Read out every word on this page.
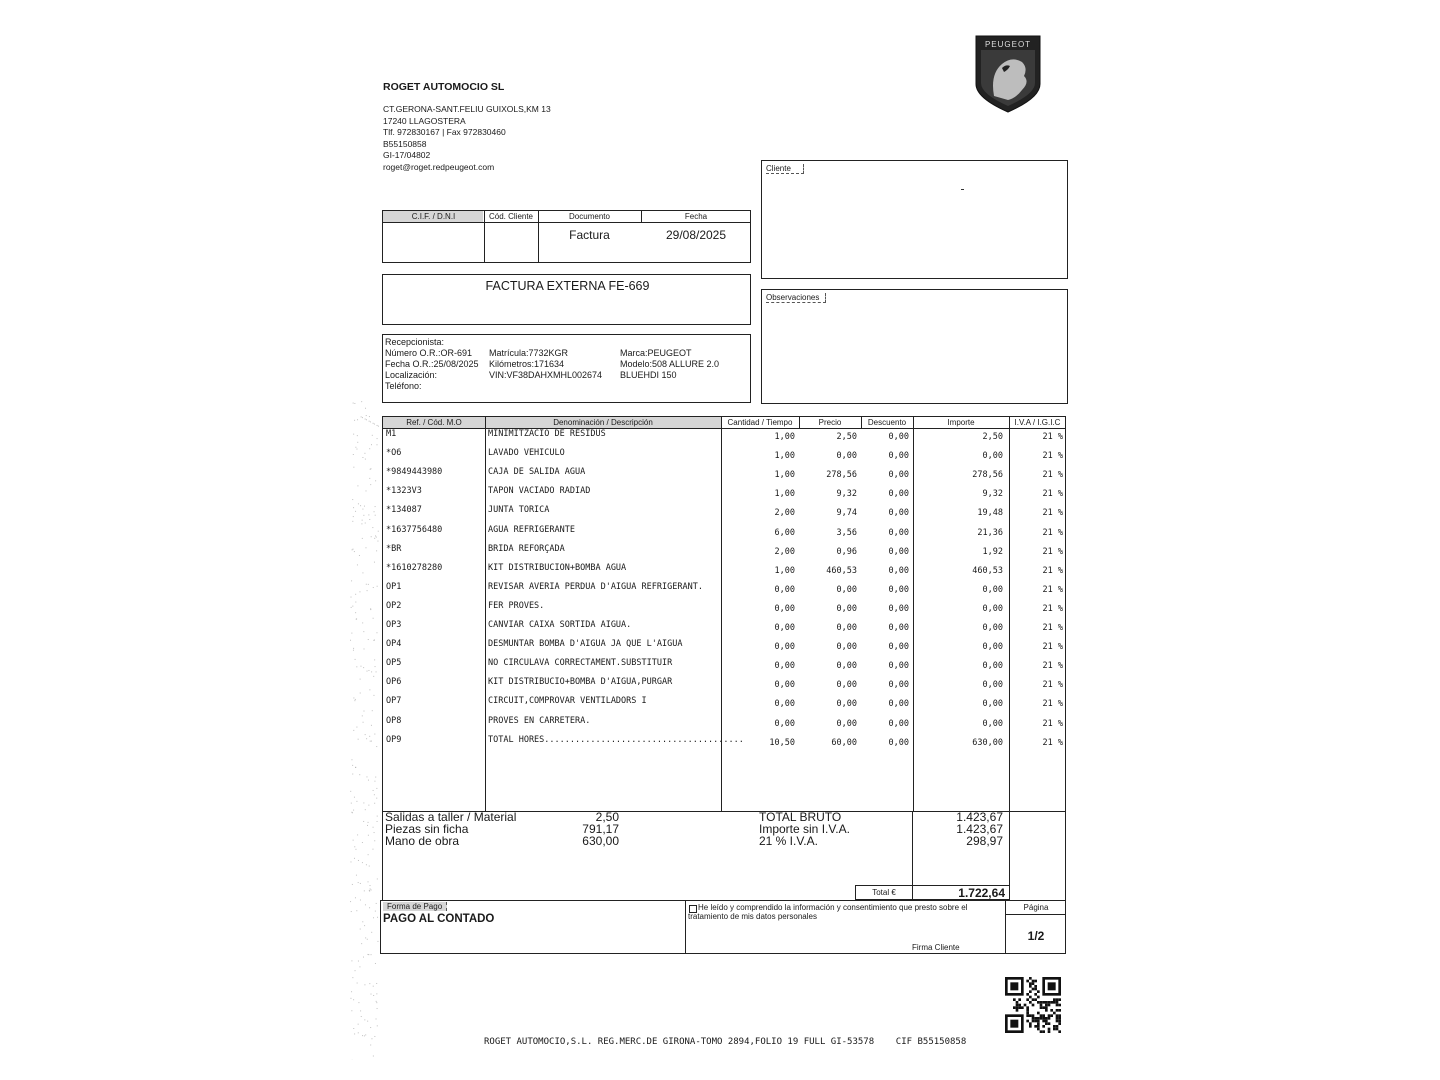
ROGET AUTOMOCIO SL
CT.GERONA-SANT.FELIU GUIXOLS,KM 13
17240 LLAGOSTERA
Tlf. 972830167 | Fax 972830460
B55150858
GI-17/04802
roget@roget.redpeugeot.com
PEUGEOT
C.I.F. / D.N.I	Cód. Cliente	Documento	Fecha
Factura	29/08/2025
Cliente
FACTURA EXTERNA FE-669
Observaciones
Recepcionista:
Número O.R.:OR-691
Fecha O.R.:25/08/2025
Localización:
Teléfono:
Matrícula:7732KGR
Kilómetros:171634
VIN:VF38DAHXMHL002674
Marca:PEUGEOT
Modelo:508 ALLURE 2.0
BLUEHDI 150
Ref. / Cód. M.O	Denominación / Descripción	Cantidad / Tiempo	Precio	Descuento	Importe	I.V.A / I.G.I.C
M1	MINIMITZACIO DE RESIDUS	1,00	2,50	0,00	2,50	21 %
*O6	LAVADO VEHICULO	1,00	0,00	0,00	0,00	21 %
*9849443980	CAJA DE SALIDA AGUA	1,00	278,56	0,00	278,56	21 %
*1323V3	TAPON VACIADO RADIAD	1,00	9,32	0,00	9,32	21 %
*134087	JUNTA TORICA	2,00	9,74	0,00	19,48	21 %
*1637756480	AGUA REFRIGERANTE	6,00	3,56	0,00	21,36	21 %
*BR	BRIDA REFORÇADA	2,00	0,96	0,00	1,92	21 %
*1610278280	KIT DISTRIBUCION+BOMBA AGUA	1,00	460,53	0,00	460,53	21 %
OP1	REVISAR AVERIA PERDUA D'AIGUA REFRIGERANT.	0,00	0,00	0,00	0,00	21 %
OP2	FER PROVES.	0,00	0,00	0,00	0,00	21 %
OP3	CANVIAR CAIXA SORTIDA AIGUA.	0,00	0,00	0,00	0,00	21 %
OP4	DESMUNTAR BOMBA D'AIGUA JA QUE L'AIGUA	0,00	0,00	0,00	0,00	21 %
OP5	NO CIRCULAVA CORRECTAMENT.SUBSTITUIR	0,00	0,00	0,00	0,00	21 %
OP6	KIT DISTRIBUCIO+BOMBA D'AIGUA,PURGAR	0,00	0,00	0,00	0,00	21 %
OP7	CIRCUIT,COMPROVAR VENTILADORS I	0,00	0,00	0,00	0,00	21 %
OP8	PROVES EN CARRETERA.	0,00	0,00	0,00	0,00	21 %
OP9	TOTAL HORES.......................................	10,50	60,00	0,00	630,00	21 %
Salidas a taller / Material	2,50
Piezas sin ficha	791,17
Mano de obra	630,00
TOTAL BRUTO	1.423,67
Importe sin I.V.A.	1.423,67
21 % I.V.A.	298,97
Total €	1.722,64
Forma de Pago
PAGO AL CONTADO
He leído y comprendido la información y consentimiento que presto sobre el
tratamiento de mis datos personales
Firma Cliente
Página
1/2
ROGET AUTOMOCIO,S.L. REG.MERC.DE GIRONA-TOMO 2894,FOLIO 19 FULL GI-53578    CIF B55150858
